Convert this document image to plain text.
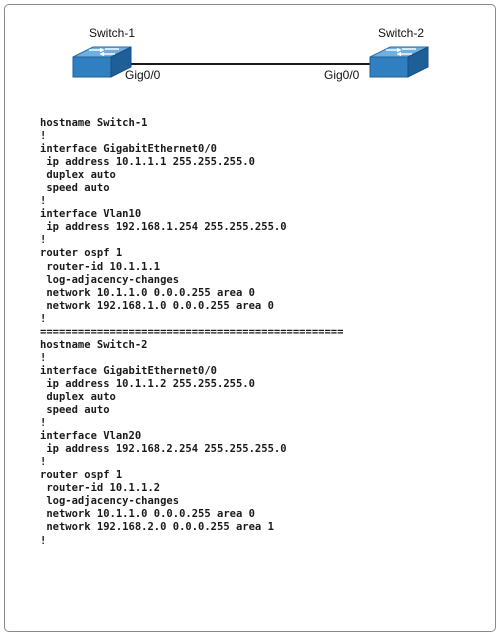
Switch-1
Gig0/0
Switch-2
Gig0/0
hostname Switch-1
!
interface GigabitEthernet0/0
ip address 10.1.1.1 255.255.255.0
duplex auto
speed auto
!
interface Vlan10
ip address 192.168.1.254 255.255.255.0
!
router ospf 1
router-id 10.1.1.1
log-adjacency-changes
network 10.1.1.0 0.0.0.255 area 0
network 192.168.1.0 0.0.0.255 area 0
!
================================================
hostname Switch-2
!
interface GigabitEthernet0/0
ip address 10.1.1.2 255.255.255.0
duplex auto
speed auto
!
interface Vlan20
ip address 192.168.2.254 255.255.255.0
!
router ospf 1
router-id 10.1.1.2
log-adjacency-changes
network 10.1.1.0 0.0.0.255 area 0
network 192.168.2.0 0.0.0.255 area 1
!
